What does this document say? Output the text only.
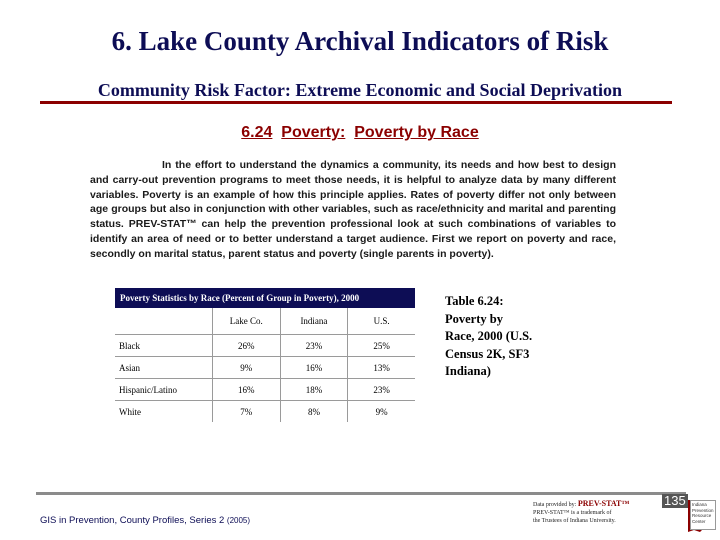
6. Lake County Archival Indicators of Risk
Community Risk Factor: Extreme Economic and Social Deprivation
6.24 Poverty: Poverty by Race
In the effort to understand the dynamics a community, its needs and how best to design and carry-out prevention programs to meet those needs, it is helpful to analyze data by many different variables. Poverty is an example of how this principle applies. Rates of poverty differ not only between age groups but also in conjunction with other variables, such as race/ethnicity and marital and parenting status. PREV-STAT™ can help the prevention professional look at such combinations of variables to identify an area of need or to better understand a target audience. First we report on poverty and race, secondly on marital status, parent status and poverty (single parents in poverty).
Poverty Statistics by Race (Percent of Group in Poverty), 2000
	Lake Co.	Indiana	U.S.
Black	26%	23%	25%
Asian	9%	16%	13%
Hispanic/Latino	16%	18%	23%
White	7%	8%	9%
Table 6.24: Poverty by Race, 2000 (U.S. Census 2K, SF3 Indiana)
GIS in Prevention, County Profiles, Series 2 (2005)
Data provided by: PREV-STAT™
PREV-STAT™ is a trademark of
the Trustees of Indiana University.
135	Indiana Prevention Resource Center
